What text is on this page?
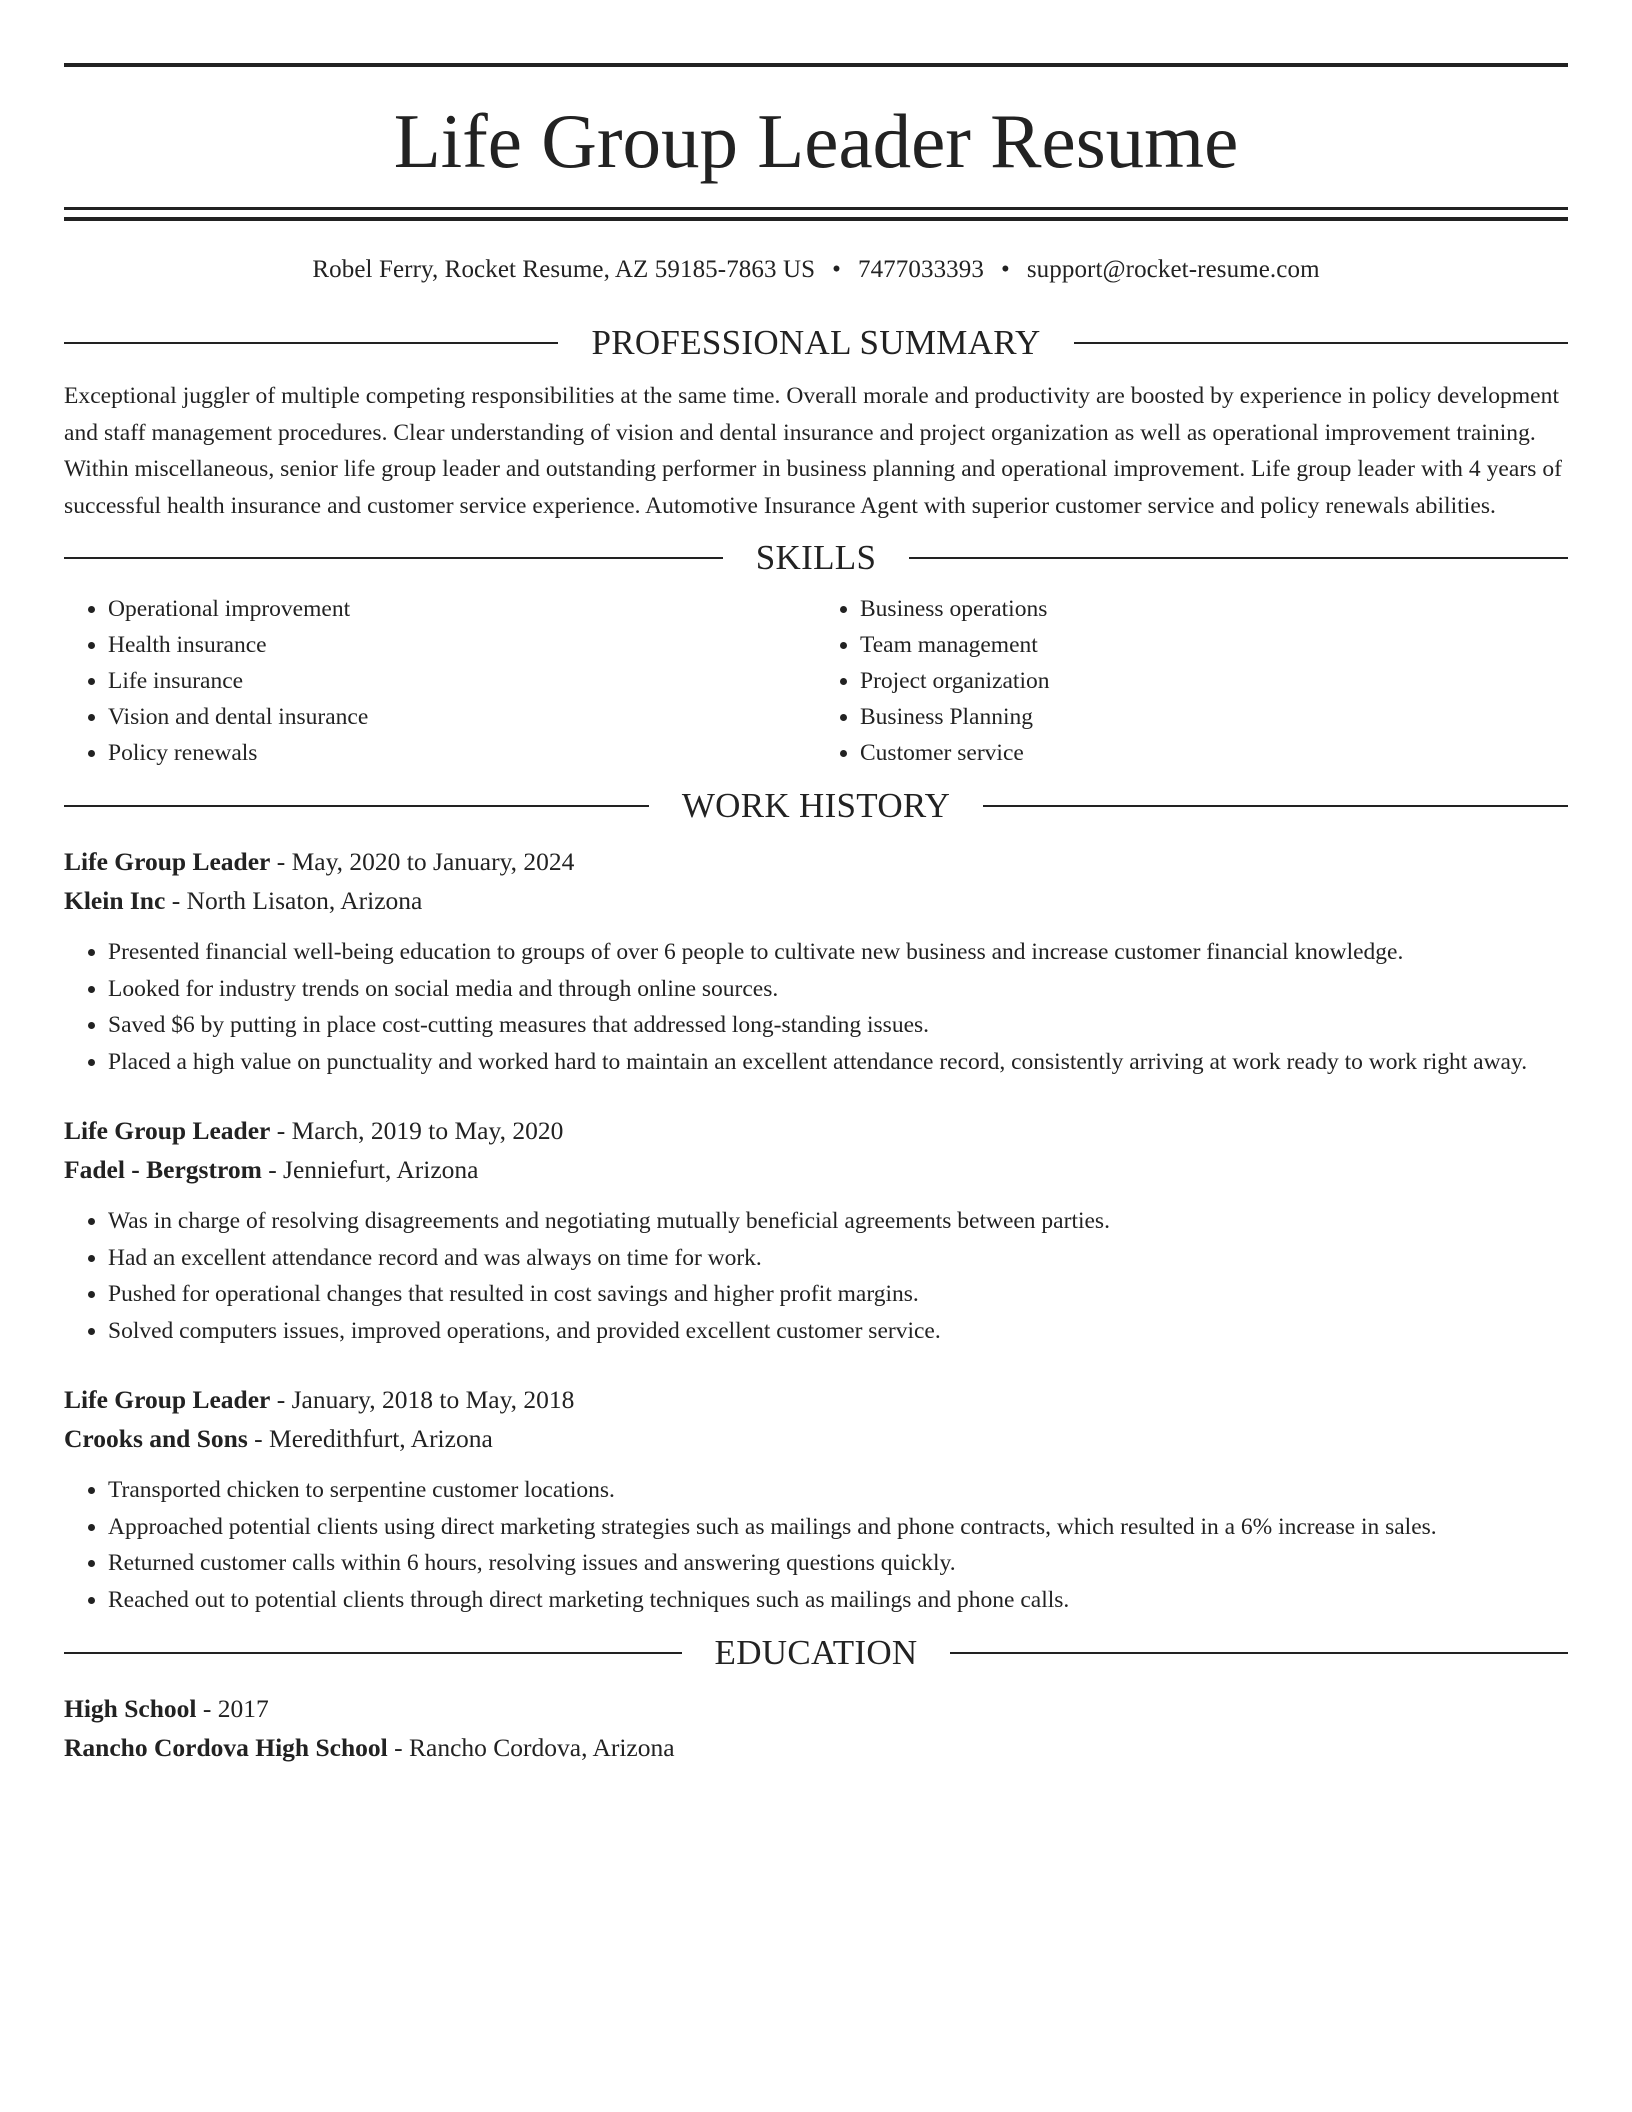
Life Group Leader Resume
Robel Ferry, Rocket Resume, AZ 59185-7863 US • 7477033393 • support@rocket-resume.com
PROFESSIONAL SUMMARY

Exceptional juggler of multiple competing responsibilities at the same time. Overall morale and productivity are boosted by experience in policy development and staff management procedures. Clear understanding of vision and dental insurance and project organization as well as operational improvement training. Within miscellaneous, senior life group leader and outstanding performer in business planning and operational improvement. Life group leader with 4 years of successful health insurance and customer service experience. Automotive Insurance Agent with superior customer service and policy renewals abilities.

SKILLS
• Operational improvement
• Health insurance
• Life insurance
• Vision and dental insurance
• Policy renewals
• Business operations
• Team management
• Project organization
• Business Planning
• Customer service
WORK HISTORY
Life Group Leader - May, 2020 to January, 2024
Klein Inc - North Lisaton, Arizona
• Presented financial well-being education to groups of over 6 people to cultivate new business and increase customer financial knowledge.
• Looked for industry trends on social media and through online sources.
• Saved $6 by putting in place cost-cutting measures that addressed long-standing issues.
• Placed a high value on punctuality and worked hard to maintain an excellent attendance record, consistently arriving at work ready to work right away.
Life Group Leader - March, 2019 to May, 2020
Fadel - Bergstrom - Jenniefurt, Arizona
• Was in charge of resolving disagreements and negotiating mutually beneficial agreements between parties.
• Had an excellent attendance record and was always on time for work.
• Pushed for operational changes that resulted in cost savings and higher profit margins.
• Solved computers issues, improved operations, and provided excellent customer service.
Life Group Leader - January, 2018 to May, 2018
Crooks and Sons - Meredithfurt, Arizona
• Transported chicken to serpentine customer locations.
• Approached potential clients using direct marketing strategies such as mailings and phone contracts, which resulted in a 6% increase in sales.
• Returned customer calls within 6 hours, resolving issues and answering questions quickly.
• Reached out to potential clients through direct marketing techniques such as mailings and phone calls.
EDUCATION
High School - 2017
Rancho Cordova High School - Rancho Cordova, Arizona
